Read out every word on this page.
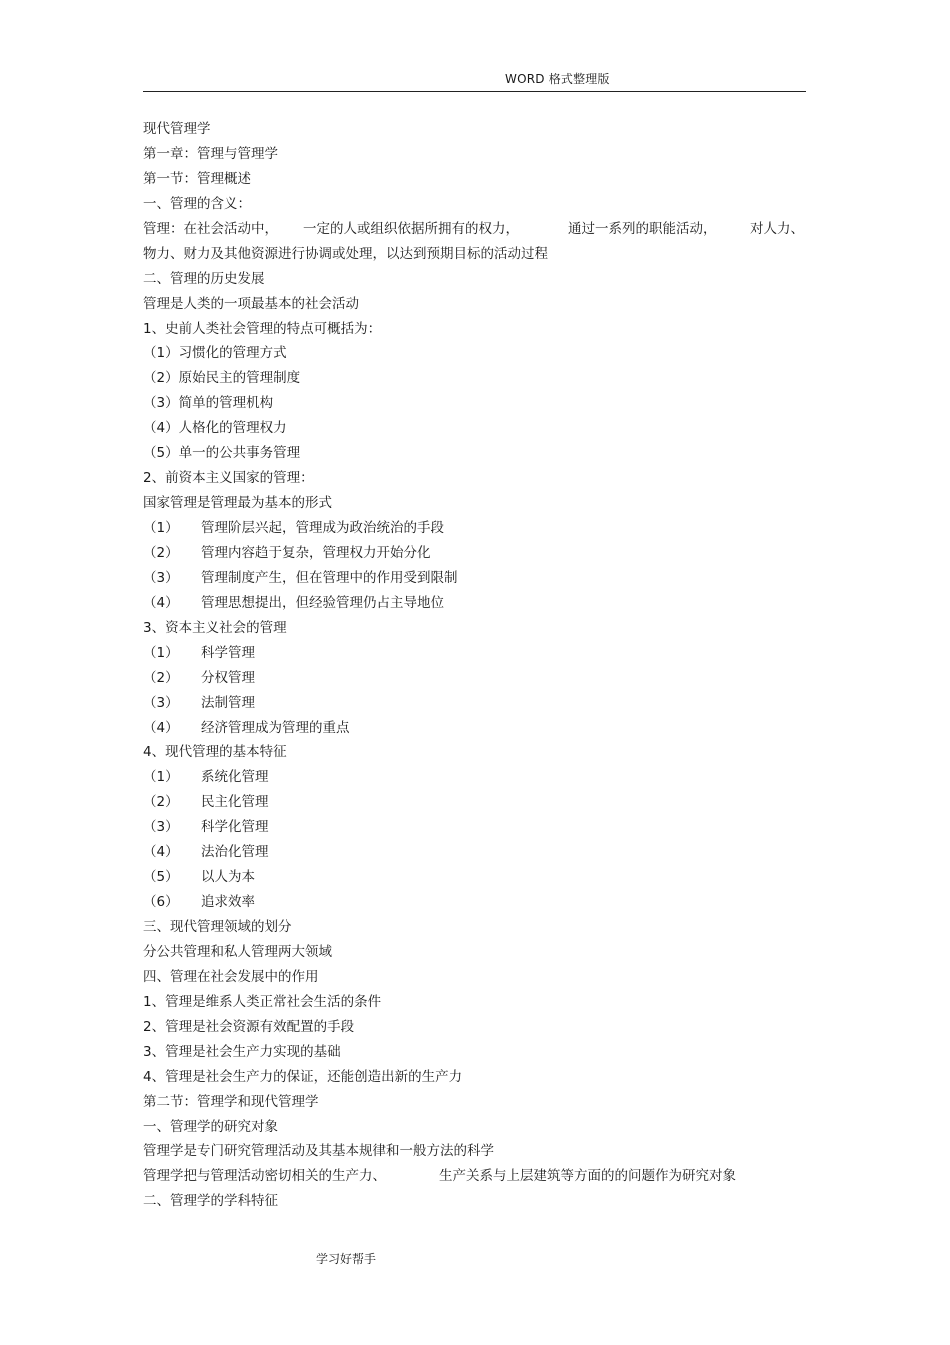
WORD 格式整理版
现代管理学
第一章：管理与管理学
第一节：管理概述
一、管理的含义：
管理：在社会活动中， 一定的人或组织依据所拥有的权力，	通过一系列的职能活动， 对人力、
物力、财力及其他资源进行协调或处理，以达到预期目标的活动过程
二、管理的历史发展
管理是人类的一项最基本的社会活动
1、史前人类社会管理的特点可概括为：
（1）习惯化的管理方式
（2）原始民主的管理制度
（3）简单的管理机构
（4）人格化的管理权力
（5）单一的公共事务管理
2、前资本主义国家的管理：
国家管理是管理最为基本的形式
（1） 管理阶层兴起，管理成为政治统治的手段
（2） 管理内容趋于复杂，管理权力开始分化
（3） 管理制度产生，但在管理中的作用受到限制
（4） 管理思想提出，但经验管理仍占主导地位
3、资本主义社会的管理
（1） 科学管理
（2） 分权管理
（3） 法制管理
（4） 经济管理成为管理的重点
4、现代管理的基本特征
（1） 系统化管理
（2） 民主化管理
（3） 科学化管理
（4） 法治化管理
（5） 以人为本
（6） 追求效率
三、现代管理领域的划分
分公共管理和私人管理两大领域
四、管理在社会发展中的作用
1、管理是维系人类正常社会生活的条件
2、管理是社会资源有效配置的手段
3、管理是社会生产力实现的基础
4、管理是社会生产力的保证，还能创造出新的生产力
第二节：管理学和现代管理学
一、管理学的研究对象
管理学是专门研究管理活动及其基本规律和一般方法的科学
管理学把与管理活动密切相关的生产力、	生产关系与上层建筑等方面的的问题作为研究对象
二、管理学的学科特征
学习好帮手
